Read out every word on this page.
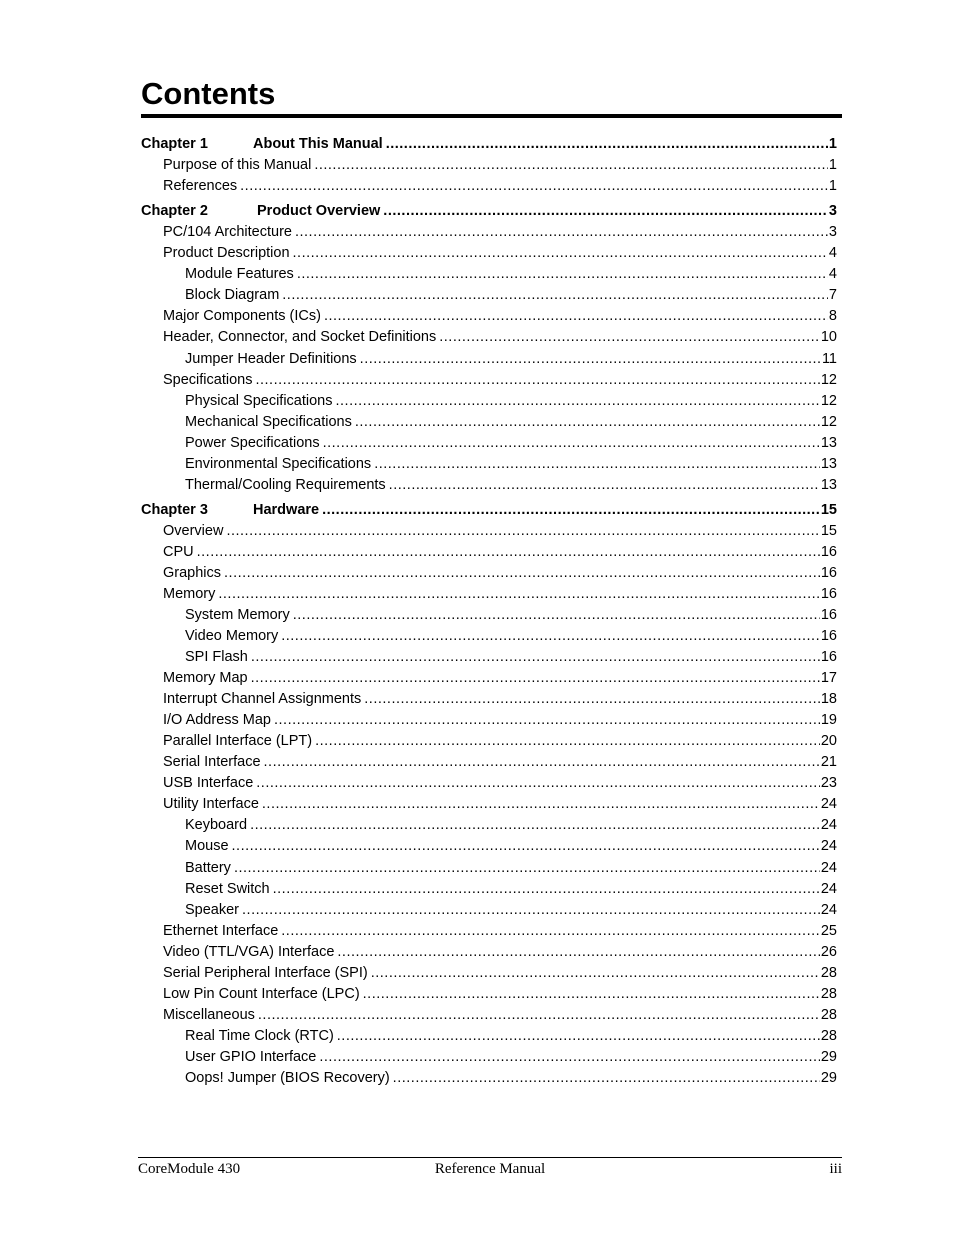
Contents
Chapter 1	About This Manual .....	1
Purpose of this Manual .....	1
References .....	1
Chapter 2	Product Overview .....	3
PC/104 Architecture .....	3
Product Description .....	4
Module Features .....	4
Block Diagram .....	7
Major Components (ICs) .....	8
Header, Connector, and Socket Definitions .....	10
Jumper Header Definitions .....	11
Specifications .....	12
Physical Specifications .....	12
Mechanical Specifications .....	12
Power Specifications .....	13
Environmental Specifications .....	13
Thermal/Cooling Requirements .....	13
Chapter 3	Hardware .....	15
Overview .....	15
CPU .....	16
Graphics .....	16
Memory .....	16
System Memory .....	16
Video Memory .....	16
SPI Flash .....	16
Memory Map .....	17
Interrupt Channel Assignments .....	18
I/O Address Map .....	19
Parallel Interface (LPT) .....	20
Serial Interface .....	21
USB Interface .....	23
Utility Interface .....	24
Keyboard .....	24
Mouse .....	24
Battery .....	24
Reset Switch .....	24
Speaker .....	24
Ethernet Interface .....	25
Video (TTL/VGA) Interface .....	26
Serial Peripheral Interface (SPI) .....	28
Low Pin Count Interface (LPC) .....	28
Miscellaneous .....	28
Real Time Clock (RTC) .....	28
User GPIO Interface .....	29
Oops! Jumper (BIOS Recovery) .....	29
CoreModule 430	Reference Manual	iii
